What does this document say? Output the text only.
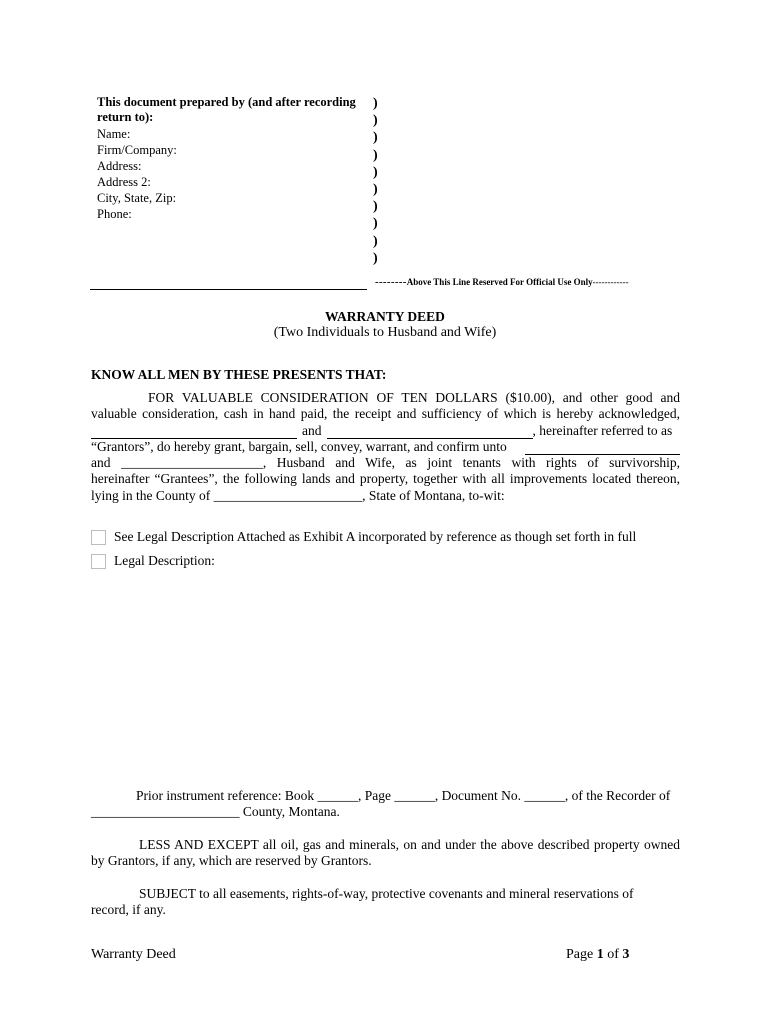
This document prepared by (and after recording return to):
Name:
Firm/Company:
Address:
Address 2:
City, State, Zip:
Phone:
)
)
)
)
)
)
)
)
)
)
--------Above This Line Reserved For Official Use Only------------
WARRANTY DEED
(Two Individuals to Husband and Wife)
KNOW ALL MEN BY THESE PRESENTS THAT:
FOR VALUABLE CONSIDERATION OF TEN DOLLARS ($10.00), and other good and
valuable consideration, cash in hand paid, the receipt and sufficiency of which is hereby acknowledged,
and	, hereinafter referred to as
“Grantors”, do hereby grant, bargain, sell, convey, warrant, and confirm unto
and _____________________, Husband and Wife, as joint tenants with rights of survivorship,
hereinafter “Grantees”, the following lands and property, together with all improvements located thereon,
lying in the County of ______________________, State of Montana, to-wit:
See Legal Description Attached as Exhibit A incorporated by reference as though set forth in full
Legal Description:
Prior instrument reference: Book ______, Page ______, Document No. ______, of the Recorder of
______________________ County, Montana.
LESS AND EXCEPT all oil, gas and minerals, on and under the above described property owned
by Grantors, if any, which are reserved by Grantors.
SUBJECT to all easements, rights-of-way, protective covenants and mineral reservations of
record, if any.
Warranty Deed	Page 1 of 3
